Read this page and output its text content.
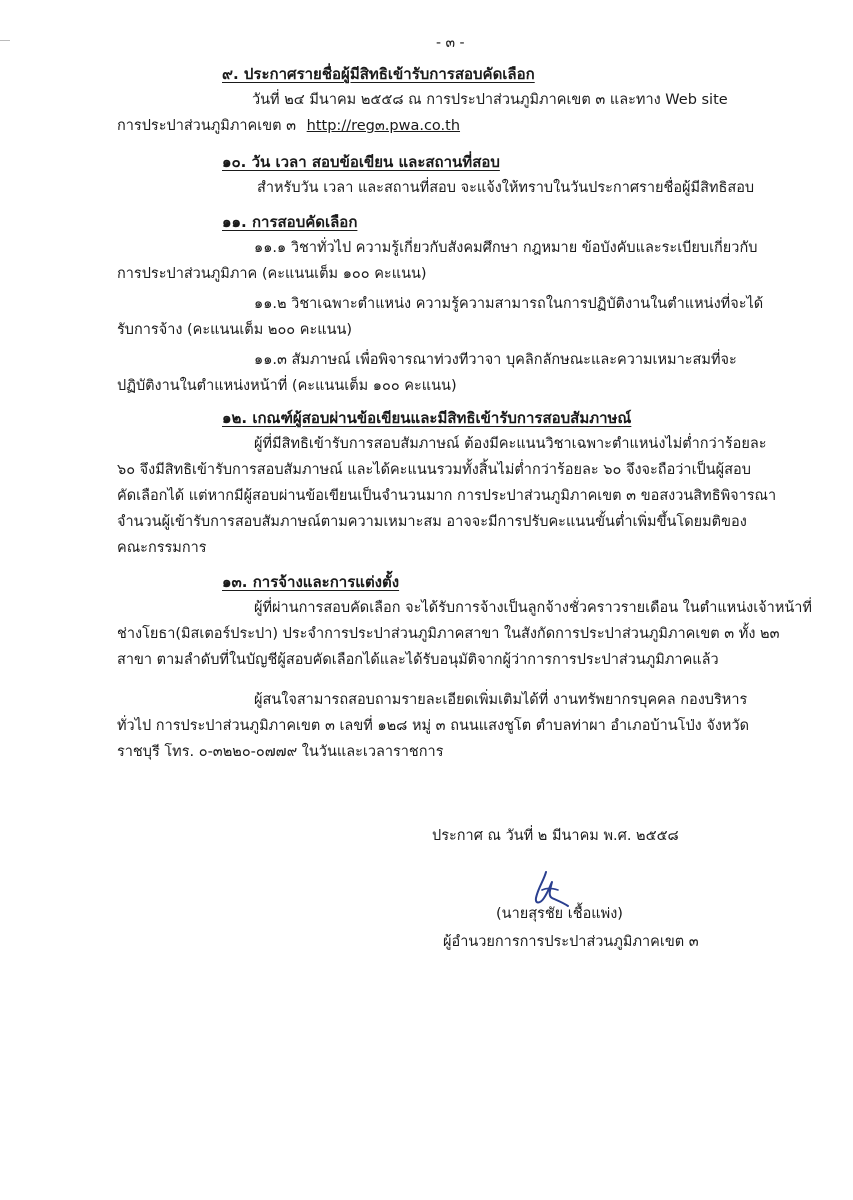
- ๓ -
๙. ประกาศรายชื่อผู้มีสิทธิเข้ารับการสอบคัดเลือก
วันที่ ๒๔ มีนาคม ๒๕๕๘ ณ การประปาส่วนภูมิภาคเขต ๓ และทาง Web site
การประปาส่วนภูมิภาคเขต ๓ http://reg๓.pwa.co.th
๑๐. วัน เวลา สอบข้อเขียน และสถานที่สอบ
สำหรับวัน เวลา และสถานที่สอบ จะแจ้งให้ทราบในวันประกาศรายชื่อผู้มีสิทธิสอบ
๑๑. การสอบคัดเลือก
๑๑.๑ วิชาทั่วไป ความรู้เกี่ยวกับสังคมศึกษา กฎหมาย ข้อบังคับและระเบียบเกี่ยวกับ
การประปาส่วนภูมิภาค (คะแนนเต็ม ๑๐๐ คะแนน)
๑๑.๒ วิชาเฉพาะตำแหน่ง ความรู้ความสามารถในการปฏิบัติงานในตำแหน่งที่จะได้
รับการจ้าง (คะแนนเต็ม ๒๐๐ คะแนน)
๑๑.๓ สัมภาษณ์ เพื่อพิจารณาท่วงทีวาจา บุคลิกลักษณะและความเหมาะสมที่จะ
ปฏิบัติงานในตำแหน่งหน้าที่ (คะแนนเต็ม ๑๐๐ คะแนน)
๑๒. เกณฑ์ผู้สอบผ่านข้อเขียนและมีสิทธิเข้ารับการสอบสัมภาษณ์
ผู้ที่มีสิทธิเข้ารับการสอบสัมภาษณ์ ต้องมีคะแนนวิชาเฉพาะตำแหน่งไม่ต่ำกว่าร้อยละ
๖๐ จึงมีสิทธิเข้ารับการสอบสัมภาษณ์ และได้คะแนนรวมทั้งสิ้นไม่ต่ำกว่าร้อยละ ๖๐ จึงจะถือว่าเป็นผู้สอบ
คัดเลือกได้ แต่หากมีผู้สอบผ่านข้อเขียนเป็นจำนวนมาก การประปาส่วนภูมิภาคเขต ๓ ขอสงวนสิทธิพิจารณา
จำนวนผู้เข้ารับการสอบสัมภาษณ์ตามความเหมาะสม อาจจะมีการปรับคะแนนขั้นต่ำเพิ่มขึ้นโดยมติของ
คณะกรรมการ
๑๓. การจ้างและการแต่งตั้ง
ผู้ที่ผ่านการสอบคัดเลือก จะได้รับการจ้างเป็นลูกจ้างชั่วคราวรายเดือน ในตำแหน่งเจ้าหน้าที่
ช่างโยธา(มิสเตอร์ประปา) ประจำการประปาส่วนภูมิภาคสาขา ในสังกัดการประปาส่วนภูมิภาคเขต ๓ ทั้ง ๒๓
สาขา ตามลำดับที่ในบัญชีผู้สอบคัดเลือกได้และได้รับอนุมัติจากผู้ว่าการการประปาส่วนภูมิภาคแล้ว
ผู้สนใจสามารถสอบถามรายละเอียดเพิ่มเติมได้ที่ งานทรัพยากรบุคคล กองบริหาร
ทั่วไป การประปาส่วนภูมิภาคเขต ๓ เลขที่ ๑๒๘ หมู่ ๓ ถนนแสงชูโต ตำบลท่าผา อำเภอบ้านโป่ง จังหวัด
ราชบุรี โทร. ๐-๓๒๒๐-๐๗๗๙ ในวันและเวลาราชการ
ประกาศ ณ วันที่ ๒ มีนาคม พ.ศ. ๒๕๕๘
(นายสุรชัย เชื้อแพ่ง)
ผู้อำนวยการการประปาส่วนภูมิภาคเขต ๓
